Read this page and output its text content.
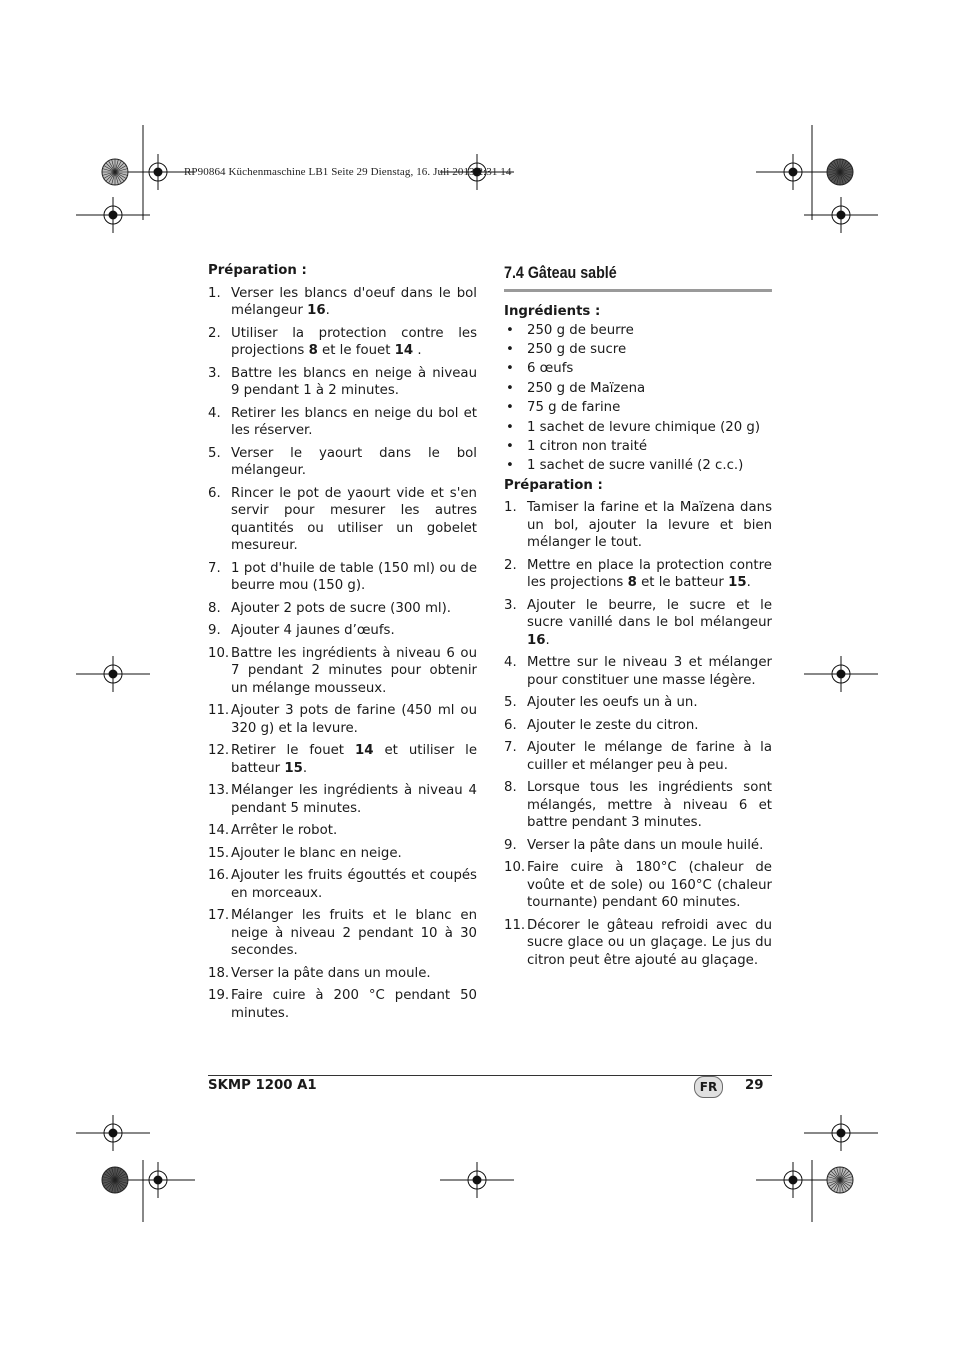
RP90864 Küchenmaschine LB1 Seite 29 Dienstag, 16. Juli 2013 2:31 14
Préparation :
1. Verser les blancs d'oeuf dans le bol mélangeur 16.
2. Utiliser la protection contre les projections 8 et le fouet 14 .
3. Battre les blancs en neige à niveau 9 pendant 1 à 2 minutes.
4. Retirer les blancs en neige du bol et les réserver.
5. Verser le yaourt dans le bol mélangeur.
6. Rincer le pot de yaourt vide et s'en servir pour mesurer les autres quantités ou utiliser un gobelet mesureur.
7. 1 pot d'huile de table (150 ml) ou de beurre mou (150 g).
8. Ajouter 2 pots de sucre (300 ml).
9. Ajouter 4 jaunes d’œufs.
10. Battre les ingrédients à niveau 6 ou 7 pendant 2 minutes pour obtenir un mélange mousseux.
11. Ajouter 3 pots de farine (450 ml ou 320 g) et la levure.
12. Retirer le fouet 14 et utiliser le batteur 15.
13. Mélanger les ingrédients à niveau 4 pendant 5 minutes.
14. Arrêter le robot.
15. Ajouter le blanc en neige.
16. Ajouter les fruits égouttés et coupés en morceaux.
17. Mélanger les fruits et le blanc en neige à niveau 2 pendant 10 à 30 secondes.
18. Verser la pâte dans un moule.
19. Faire cuire à 200 °C pendant 50 minutes.
7.4 Gâteau sablé
Ingrédients :
• 250 g de beurre
• 250 g de sucre
• 6 œufs
• 250 g de Maïzena
• 75 g de farine
• 1 sachet de levure chimique (20 g)
• 1 citron non traité
• 1 sachet de sucre vanillé (2 c.c.)
Préparation :
1. Tamiser la farine et la Maïzena dans un bol, ajouter la levure et bien mélanger le tout.
2. Mettre en place la protection contre les projections 8 et le batteur 15.
3. Ajouter le beurre, le sucre et le sucre vanillé dans le bol mélangeur 16.
4. Mettre sur le niveau 3 et mélanger pour constituer une masse légère.
5. Ajouter les oeufs un à un.
6. Ajouter le zeste du citron.
7. Ajouter le mélange de farine à la cuiller et mélanger peu à peu.
8. Lorsque tous les ingrédients sont mélangés, mettre à niveau 6 et battre pendant 3 minutes.
9. Verser la pâte dans un moule huilé.
10. Faire cuire à 180°C (chaleur de voûte et de sole) ou 160°C (chaleur tournante) pendant 60 minutes.
11. Décorer le gâteau refroidi avec du sucre glace ou un glaçage. Le jus du citron peut être ajouté au glaçage.
SKMP 1200 A1	FR	29
